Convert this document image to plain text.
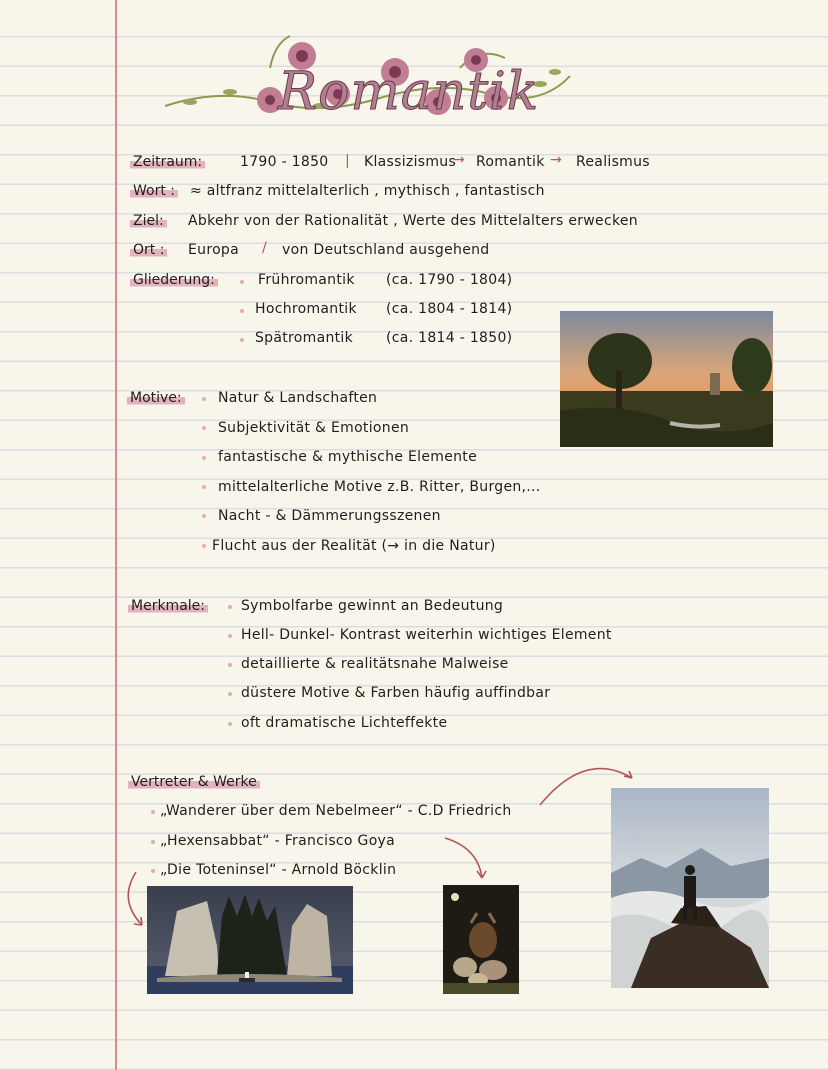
Romantik
Zeitraum:	1790 - 1850 | Klassizismus
→ Romantik → Realismus
Wort : ≈ altfranz mittelalterlich , mythisch , fantastisch
Ziel: Abkehr von der Rationalität , Werte des Mittelalters erwecken
Ort : Europa / von Deutschland ausgehend
Gliederung:	Frühromantik (ca. 1790 - 1804)
Hochromantik (ca. 1804 - 1814)
Spätromantik (ca. 1814 - 1850)
Motive:	Natur & Landschaften
Subjektivität & Emotionen
fantastische & mythische Elemente
mittelalterliche Motive z.B. Ritter, Burgen,...
Nacht - & Dämmerungsszenen
Flucht aus der Realität (→ in die Natur)
Merkmale:	Symbolfarbe gewinnt an Bedeutung
Hell- Dunkel- Kontrast weiterhin wichtiges Element
detaillierte & realitätsnahe Malweise
düstere Motive & Farben häufig auffindbar
oft dramatische Lichteffekte
Vertreter & Werke
„Wanderer über dem Nebelmeer“ - C.D Friedrich
„Hexensabbat“ - Francisco Goya
„Die Toteninsel“ - Arnold Böcklin
